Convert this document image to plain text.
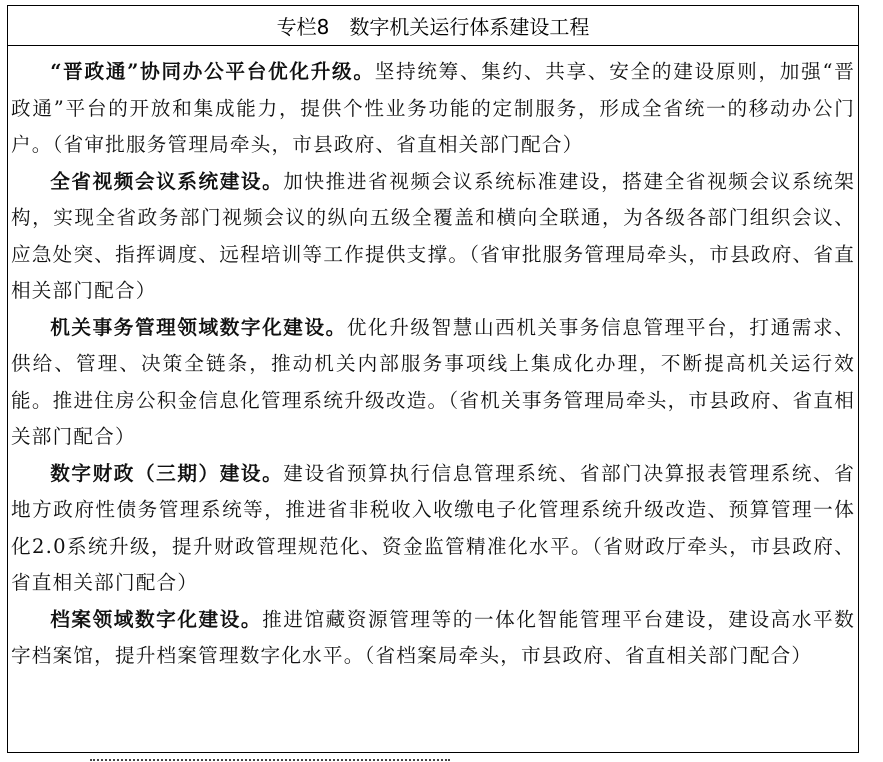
专栏8　数字机关运行体系建设工程

“晋政通”协同办公平台优化升级。坚持统筹、集约、共享、安全的建设原则，加强“晋政通”平台的开放和集成能力，提供个性业务功能的定制服务，形成全省统一的移动办公门户。（省审批服务管理局牵头，市县政府、省直相关部门配合）

全省视频会议系统建设。加快推进省视频会议系统标准建设，搭建全省视频会议系统架构，实现全省政务部门视频会议的纵向五级全覆盖和横向全联通，为各级各部门组织会议、应急处突、指挥调度、远程培训等工作提供支撑。（省审批服务管理局牵头，市县政府、省直相关部门配合）

机关事务管理领域数字化建设。优化升级智慧山西机关事务信息管理平台，打通需求、供给、管理、决策全链条，推动机关内部服务事项线上集成化办理，不断提高机关运行效能。推进住房公积金信息化管理系统升级改造。（省机关事务管理局牵头，市县政府、省直相关部门配合）

数字财政（三期）建设。建设省预算执行信息管理系统、省部门决算报表管理系统、省地方政府性债务管理系统等，推进省非税收入收缴电子化管理系统升级改造、预算管理一体化2.0系统升级，提升财政管理规范化、资金监管精准化水平。（省财政厅牵头，市县政府、省直相关部门配合）

档案领域数字化建设。推进馆藏资源管理等的一体化智能管理平台建设，建设高水平数字档案馆，提升档案管理数字化水平。（省档案局牵头，市县政府、省直相关部门配合）
